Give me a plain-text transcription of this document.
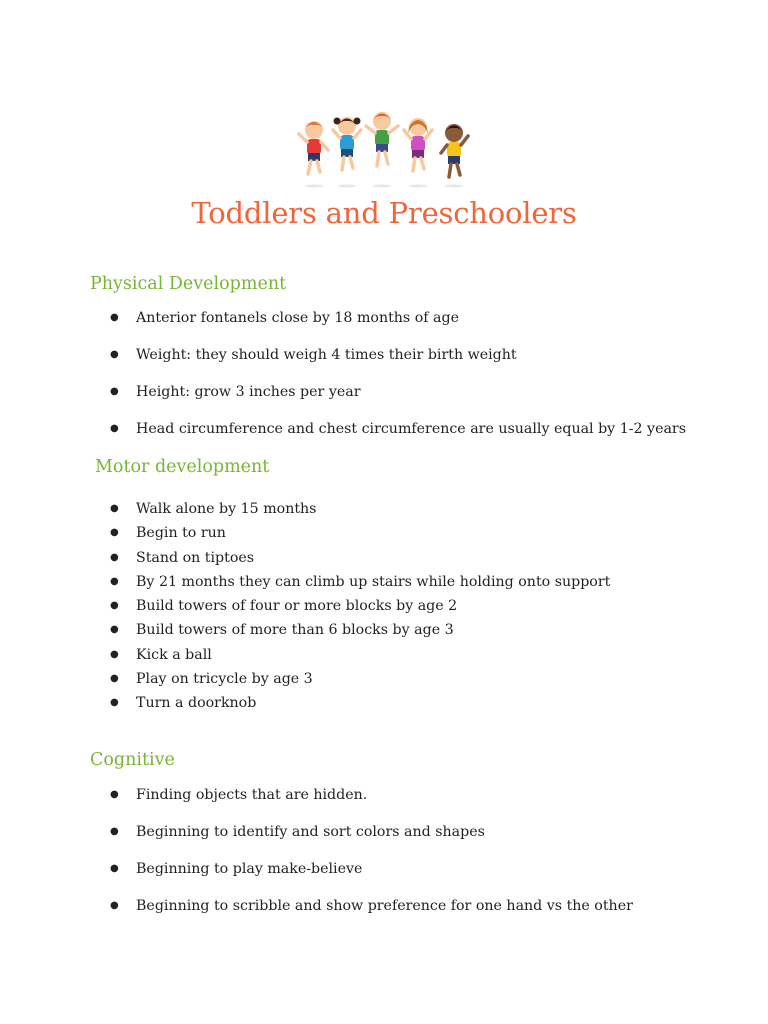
Toddlers and Preschoolers
Physical Development
● Anterior fontanels close by 18 months of age
● Weight: they should weigh 4 times their birth weight
● Height: grow 3 inches per year
● Head circumference and chest circumference are usually equal by 1-2 years
Motor development
● Walk alone by 15 months
● Begin to run
● Stand on tiptoes
● By 21 months they can climb up stairs while holding onto support
● Build towers of four or more blocks by age 2
● Build towers of more than 6 blocks by age 3
● Kick a ball
● Play on tricycle by age 3
● Turn a doorknob
Cognitive
● Finding objects that are hidden.
● Beginning to identify and sort colors and shapes
● Beginning to play make-believe
● Beginning to scribble and show preference for one hand vs the other
